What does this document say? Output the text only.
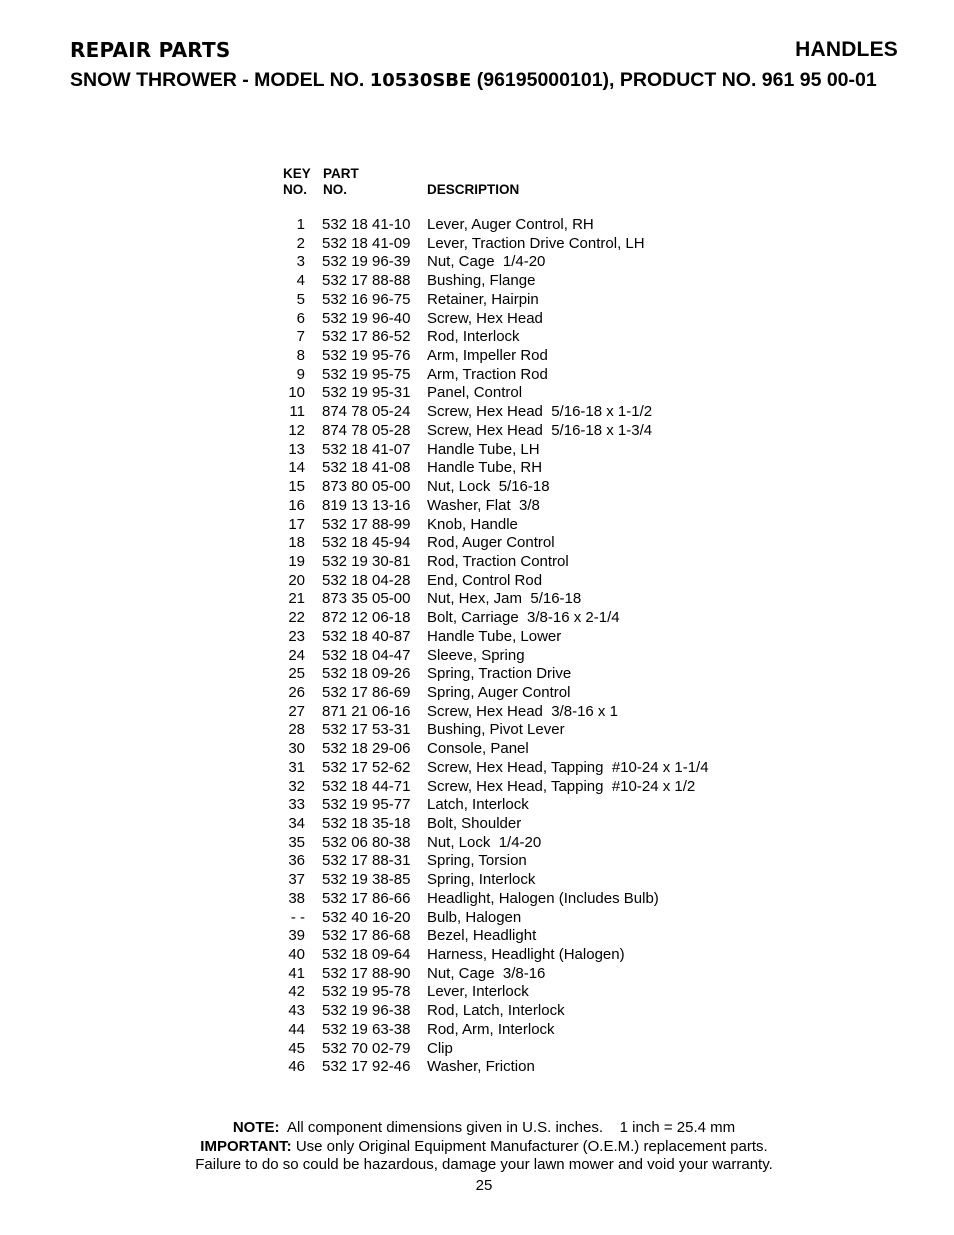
REPAIR PARTS	HANDLES
SNOW THROWER - MODEL NO. 10530SBE (96195000101), PRODUCT NO. 961 95 00-01
KEY
NO.
PART
NO.	DESCRIPTION
1	532 18 41-10	Lever, Auger Control, RH
2	532 18 41-09	Lever, Traction Drive Control, LH
3	532 19 96-39	Nut, Cage  1/4-20
4	532 17 88-88	Bushing, Flange
5	532 16 96-75	Retainer, Hairpin
6	532 19 96-40	Screw, Hex Head
7	532 17 86-52	Rod, Interlock
8	532 19 95-76	Arm, Impeller Rod
9	532 19 95-75	Arm, Traction Rod
10	532 19 95-31	Panel, Control
11	874 78 05-24	Screw, Hex Head  5/16-18 x 1-1/2
12	874 78 05-28	Screw, Hex Head  5/16-18 x 1-3/4
13	532 18 41-07	Handle Tube, LH
14	532 18 41-08	Handle Tube, RH
15	873 80 05-00	Nut, Lock  5/16-18
16	819 13 13-16	Washer, Flat  3/8
17	532 17 88-99	Knob, Handle
18	532 18 45-94	Rod, Auger Control
19	532 19 30-81	Rod, Traction Control
20	532 18 04-28	End, Control Rod
21	873 35 05-00	Nut, Hex, Jam  5/16-18
22	872 12 06-18	Bolt, Carriage  3/8-16 x 2-1/4
23	532 18 40-87	Handle Tube, Lower
24	532 18 04-47	Sleeve, Spring
25	532 18 09-26	Spring, Traction Drive
26	532 17 86-69	Spring, Auger Control
27	871 21 06-16	Screw, Hex Head  3/8-16 x 1
28	532 17 53-31	Bushing, Pivot Lever
30	532 18 29-06	Console, Panel
31	532 17 52-62	Screw, Hex Head, Tapping  #10-24 x 1-1/4
32	532 18 44-71	Screw, Hex Head, Tapping  #10-24 x 1/2
33	532 19 95-77	Latch, Interlock
34	532 18 35-18	Bolt, Shoulder
35	532 06 80-38	Nut, Lock  1/4-20
36	532 17 88-31	Spring, Torsion
37	532 19 38-85	Spring, Interlock
38	532 17 86-66	Headlight, Halogen (Includes Bulb)
- -	532 40 16-20	Bulb, Halogen
39	532 17 86-68	Bezel, Headlight
40	532 18 09-64	Harness, Headlight (Halogen)
41	532 17 88-90	Nut, Cage  3/8-16
42	532 19 95-78	Lever, Interlock
43	532 19 96-38	Rod, Latch, Interlock
44	532 19 63-38	Rod, Arm, Interlock
45	532 70 02-79	Clip
46	532 17 92-46	Washer, Friction
NOTE:  All component dimensions given in U.S. inches.    1 inch = 25.4 mm
IMPORTANT: Use only Original Equipment Manufacturer (O.E.M.) replacement parts.
Failure to do so could be hazardous, damage your lawn mower and void your warranty.
25
